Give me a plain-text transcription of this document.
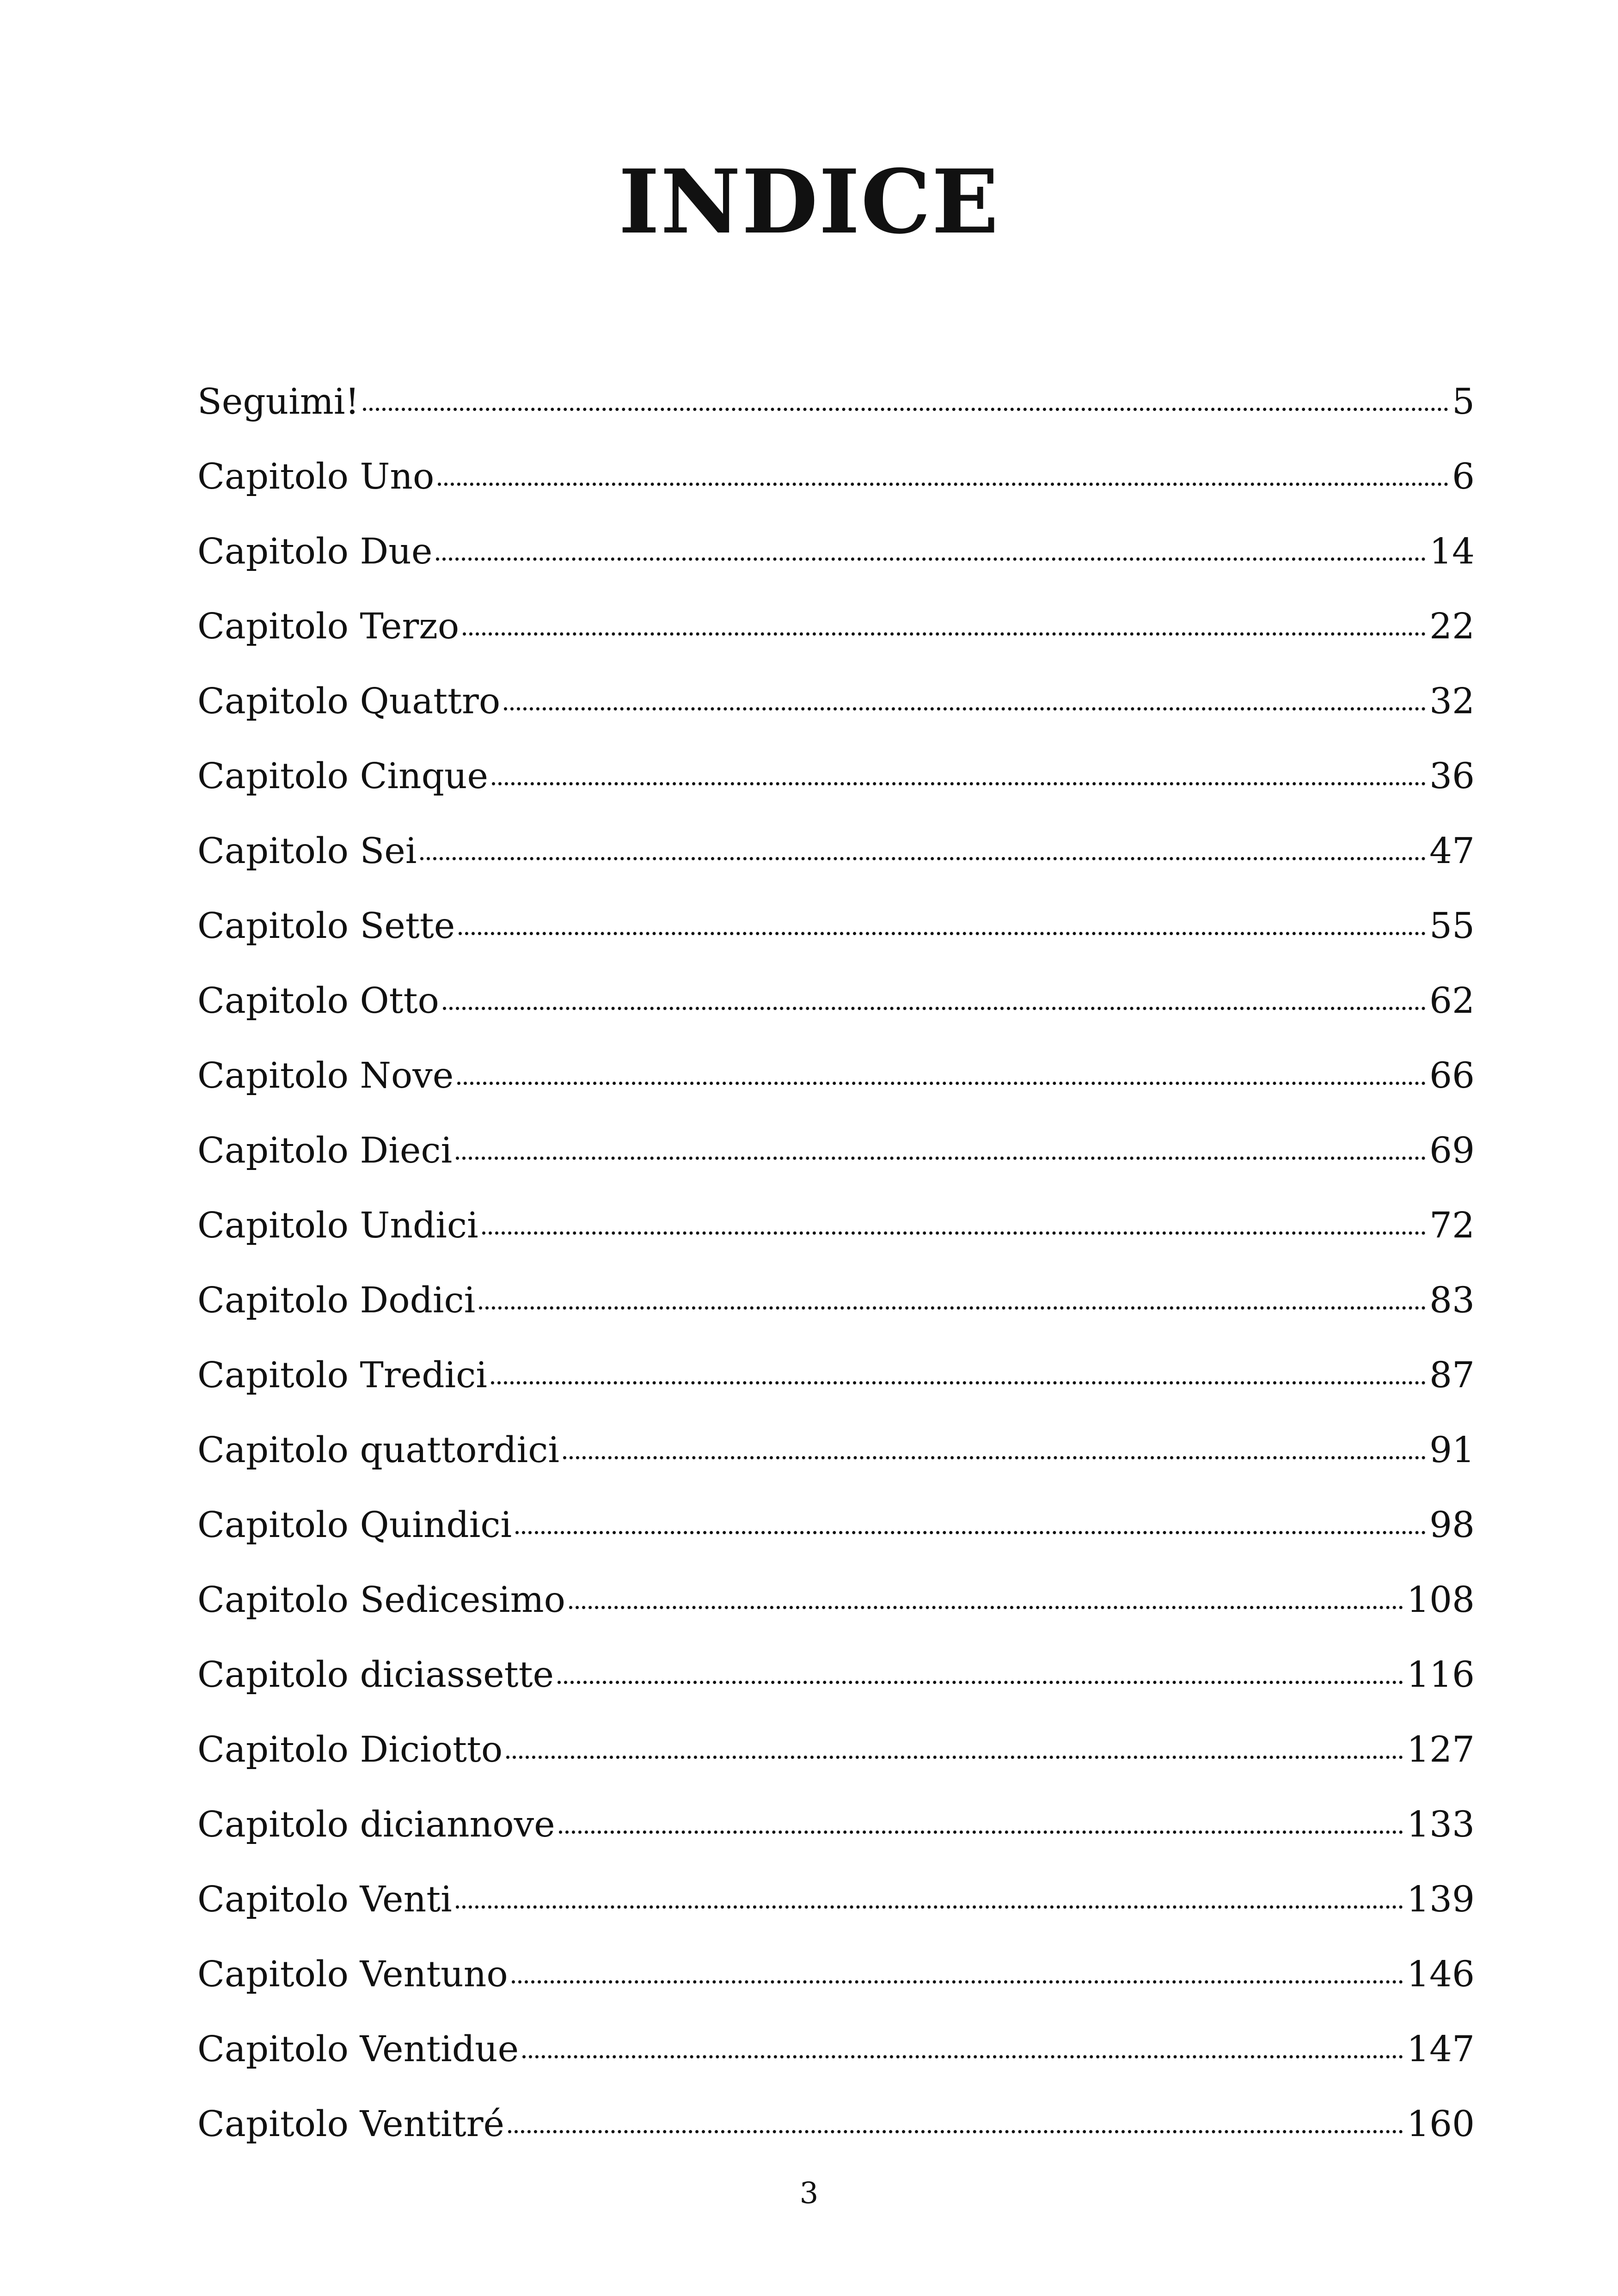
INDICE
Seguimi!	5
Capitolo Uno	6
Capitolo Due	14
Capitolo Terzo	22
Capitolo Quattro	32
Capitolo Cinque	36
Capitolo Sei	47
Capitolo Sette	55
Capitolo Otto	62
Capitolo Nove	66
Capitolo Dieci	69
Capitolo Undici	72
Capitolo Dodici	83
Capitolo Tredici	87
Capitolo quattordici	91
Capitolo Quindici	98
Capitolo Sedicesimo	108
Capitolo diciassette	116
Capitolo Diciotto	127
Capitolo diciannove	133
Capitolo Venti	139
Capitolo Ventuno	146
Capitolo Ventidue	147
Capitolo Ventitré	160

3
